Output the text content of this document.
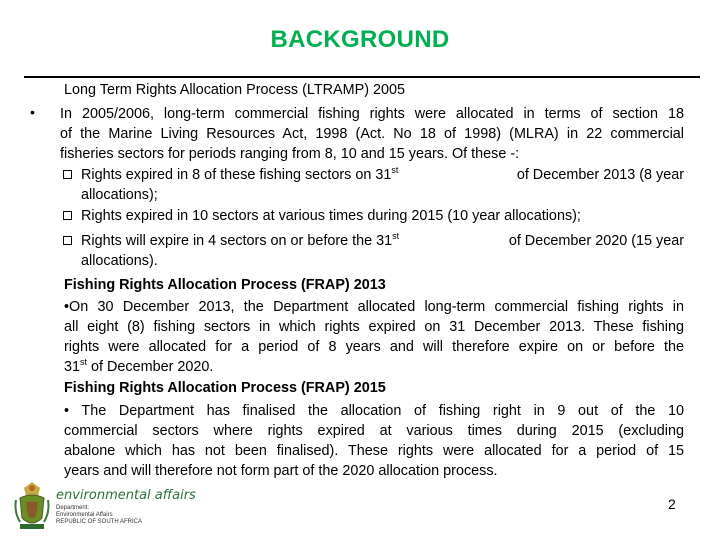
BACKGROUND
Long Term Rights Allocation Process (LTRAMP) 2005
• In 2005/2006, long-term commercial fishing rights were allocated in terms of section 18
of the Marine Living Resources Act, 1998 (Act. No 18 of 1998) (MLRA) in 22 commercial
fisheries sectors for periods ranging from 8, 10 and 15 years. Of these -:
Rights expired in 8 of these fishing sectors on 31st	of December 2013 (8 year
allocations);
Rights expired in 10 sectors at various times during 2015 (10 year allocations);
Rights will expire in 4 sectors on or before the 31st	of December 2020 (15 year
allocations).
Fishing Rights Allocation Process (FRAP) 2013
•On 30 December 2013, the Department allocated long-term commercial fishing rights in
all eight (8) fishing sectors in which rights expired on 31 December 2013. These fishing
rights were allocated for a period of 8 years and will therefore expire on or before the
31st of December 2020.
Fishing Rights Allocation Process (FRAP) 2015
• The Department has finalised the allocation of fishing right in 9 out of the 10
commercial sectors where rights expired at various times during 2015 (excluding
abalone which has not been finalised). These rights were allocated for a period of 15
years and will therefore not form part of the 2020 allocation process.
environmental affairs
Department:
Environmental Affairs
REPUBLIC OF SOUTH AFRICA
2
